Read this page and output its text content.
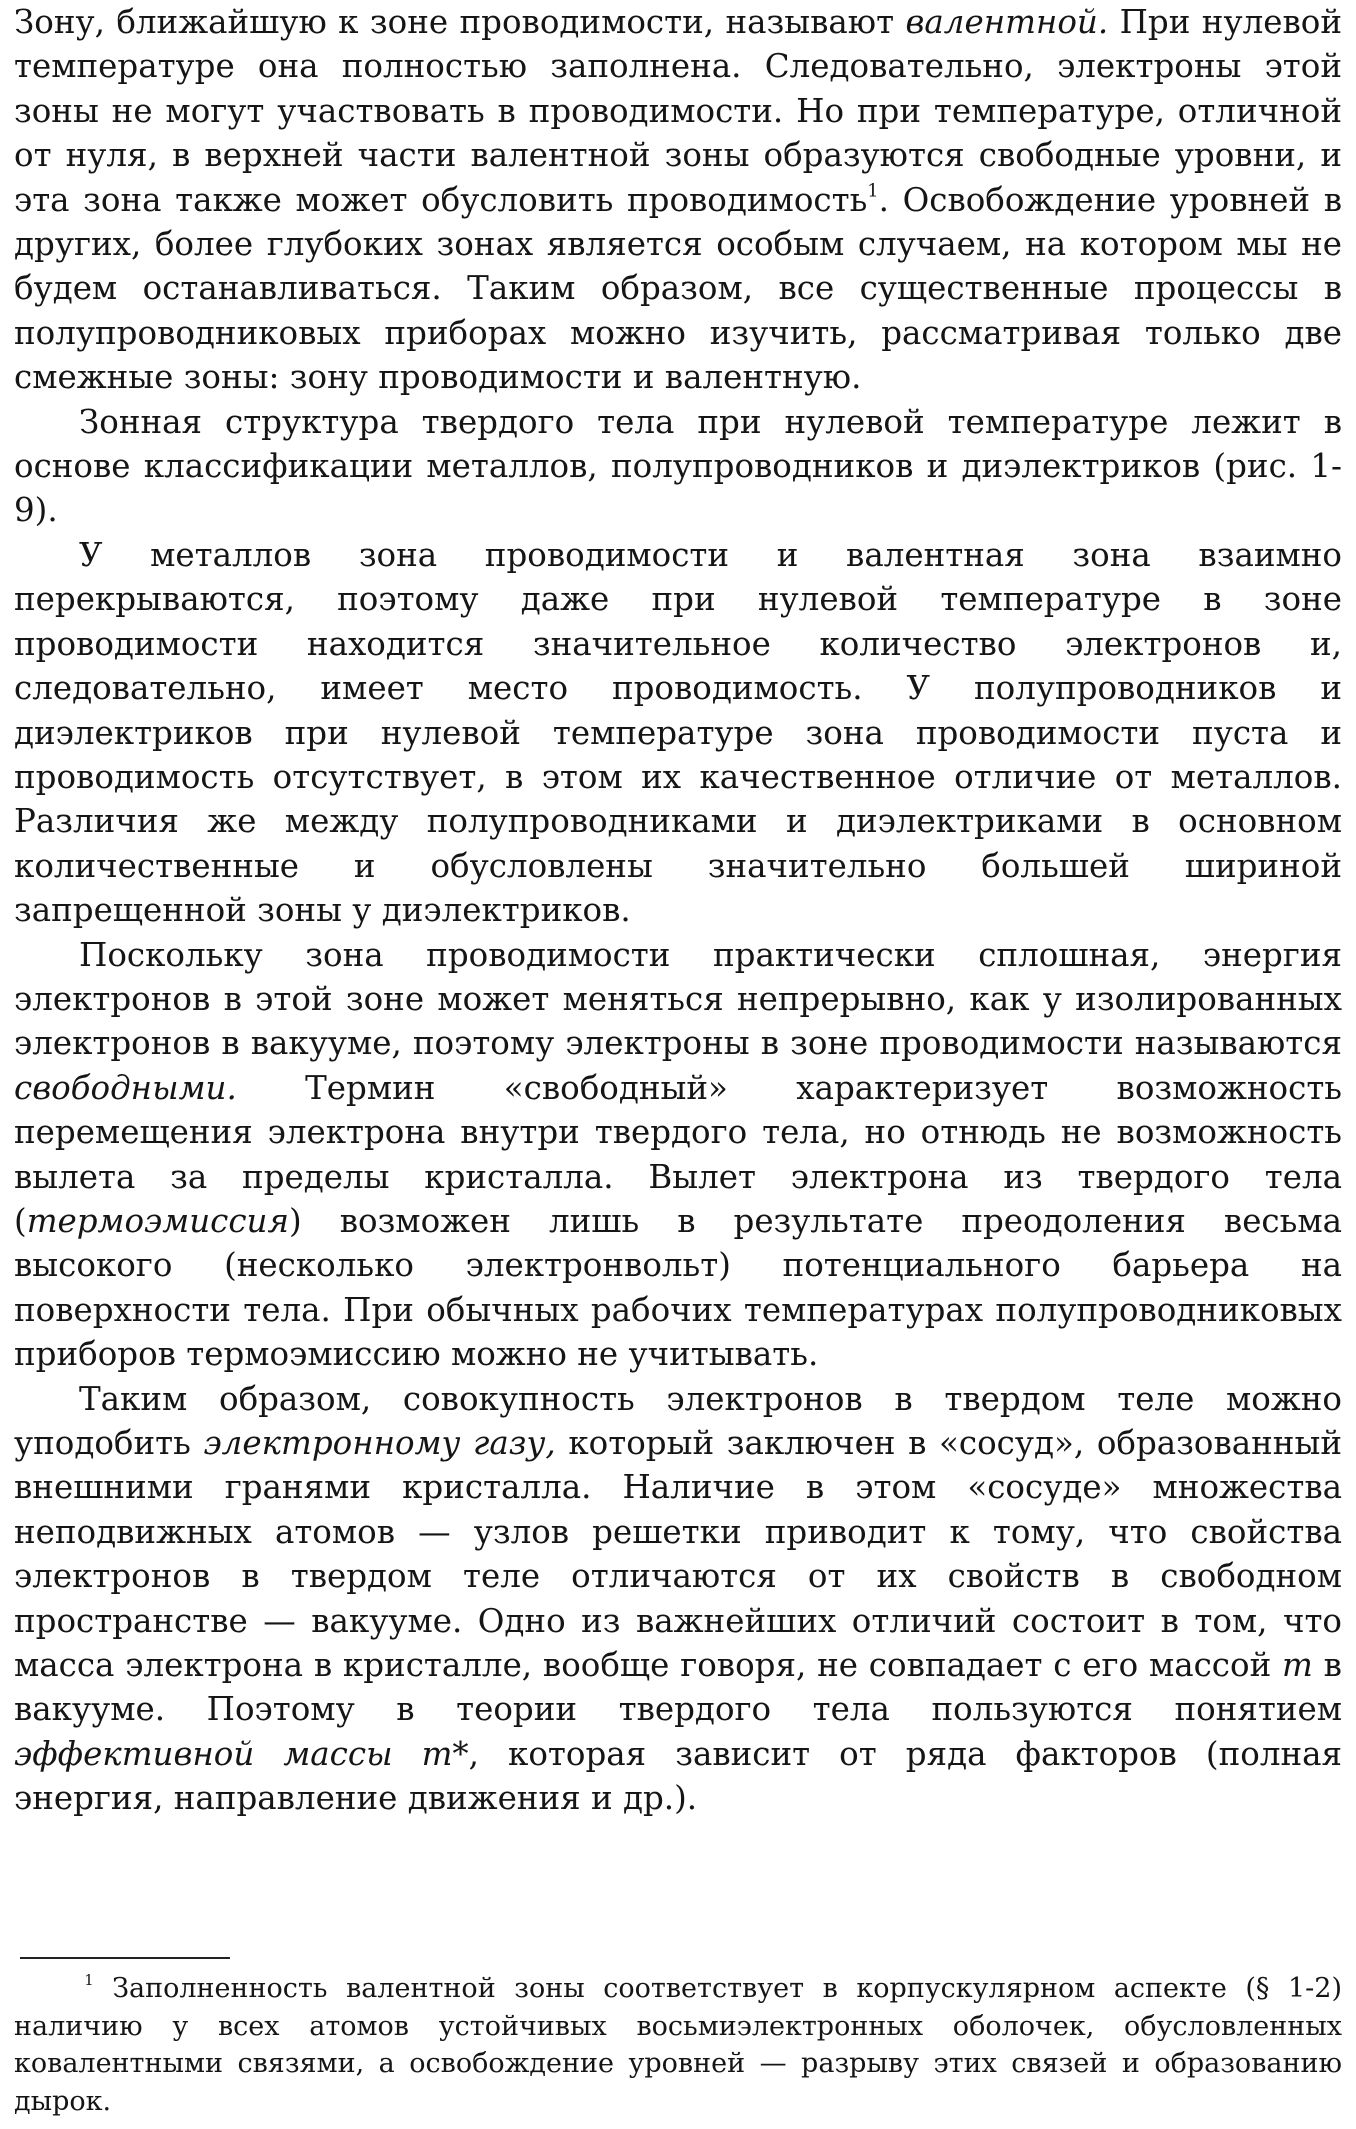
Зону, ближайшую к зоне проводимости, называют валентной. При нулевой температуре она полностью заполнена. Следовательно, электроны этой зоны не могут участвовать в проводимости. Но при температуре, отличной от нуля, в верхней части валентной зоны образуются свободные уровни, и эта зона также может обусловить проводимость$^1$. Освобождение уровней в других, более глубоких зонах является особым случаем, на котором мы не будем останавливаться. Таким образом, все существенные процессы в полупроводниковых приборах можно изучить, рассматривая только две смежные зоны: зону проводимости и валентную.

Зонная структура твердого тела при нулевой температуре лежит в основе классификации металлов, полупроводников и диэлектриков (рис. 1-9).

У металлов зона проводимости и валентная зона взаимно перекрываются, поэтому даже при нулевой температуре в зоне проводимости находится значительное количество электронов и, следовательно, имеет место проводимость. У полупроводников и диэлектриков при нулевой температуре зона проводимости пуста и проводимость отсутствует, в этом их качественное отличие от металлов. Различия же между полупроводниками и диэлектриками в основном количественные и обусловлены значительно большей шириной запрещенной зоны у диэлектриков.

Поскольку зона проводимости практически сплошная, энергия электронов в этой зоне может меняться непрерывно, как у изолированных электронов в вакууме, поэтому электроны в зоне проводимости называются свободными. Термин «свободный» характеризует возможность перемещения электрона внутри твердого тела, но отнюдь не возможность вылета за пределы кристалла. Вылет электрона из твердого тела (термоэмиссия) возможен лишь в результате преодоления весьма высокого (несколько электронвольт) потенциального барьера на поверхности тела. При обычных рабочих температурах полупроводниковых приборов термоэмиссию можно не учитывать.

Таким образом, совокупность электронов в твердом теле можно уподобить электронному газу, который заключен в «сосуд», образованный внешними гранями кристалла. Наличие в этом «сосуде» множества неподвижных атомов — узлов решетки приводит к тому, что свойства электронов в твердом теле отличаются от их свойств в свободном пространстве — вакууме. Одно из важнейших отличий состоит в том, что масса электрона в кристалле, вообще говоря, не совпадает с его массой m в вакууме. Поэтому в теории твердого тела пользуются понятием эффективной массы m*, которая зависит от ряда факторов (полная энергия, направление движения и др.).

$^1$ Заполненность валентной зоны соответствует в корпускулярном аспекте (§ 1-2) наличию у всех атомов устойчивых восьмиэлектронных оболочек, обусловленных ковалентными связями, а освобождение уровней — разрыву этих связей и образованию дырок.
